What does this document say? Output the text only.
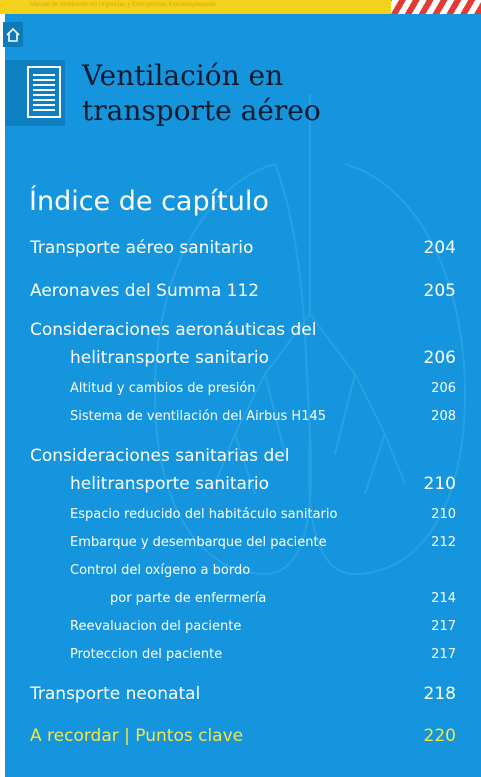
Manual de Ventilación en Urgencias y Emergencias Extrahospitalarias
Ventilación en
transporte aéreo
Índice de capítulo
Transporte aéreo sanitario	204
Aeronaves del Summa 112	205
Consideraciones aeronáuticas del
helitransporte sanitario	206
Altitud y cambios de presión	206
Sistema de ventilación del Airbus H145	208
Consideraciones sanitarias del
helitransporte sanitario	210
Espacio reducido del habitáculo sanitario	210
Embarque y desembarque del paciente	212
Control del oxígeno a bordo
por parte de enfermería	214
Reevaluacion del paciente	217
Proteccion del paciente	217
Transporte neonatal	218
A recordar | Puntos clave	220
